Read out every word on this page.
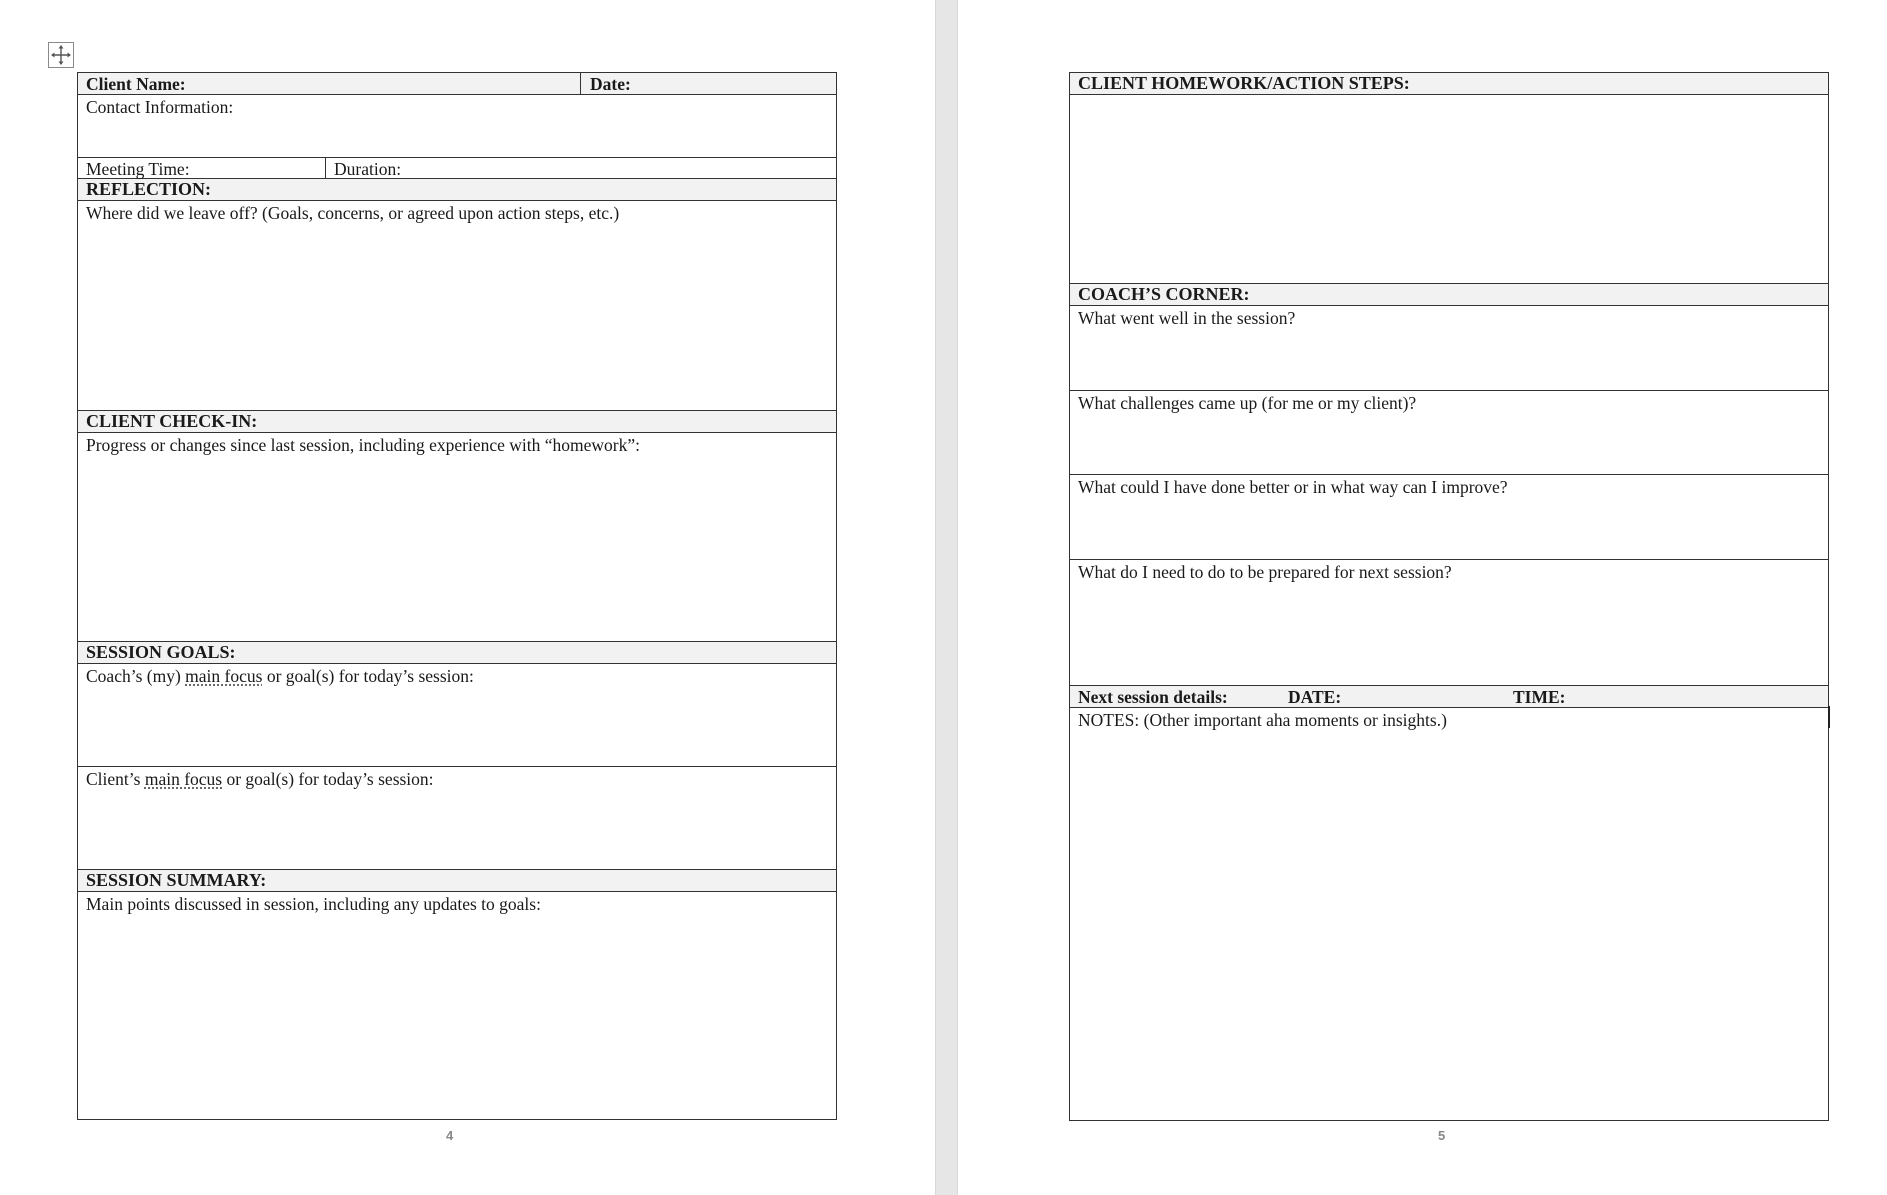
Client Name:	Date:
Contact Information:
Meeting Time:	Duration:
REFLECTION:
Where did we leave off? (Goals, concerns, or agreed upon action steps, etc.)
CLIENT CHECK-IN:
Progress or changes since last session, including experience with “homework”:
SESSION GOALS:
Coach’s (my) main focus or goal(s) for today’s session:
Client’s main focus or goal(s) for today’s session:
SESSION SUMMARY:
Main points discussed in session, including any updates to goals:
4	5
CLIENT HOMEWORK/ACTION STEPS:
COACH’S CORNER:
What went well in the session?
What challenges came up (for me or my client)?
What could I have done better or in what way can I improve?
What do I need to do to be prepared for next session?
Next session details:	DATE:	TIME:
NOTES: (Other important aha moments or insights.)
